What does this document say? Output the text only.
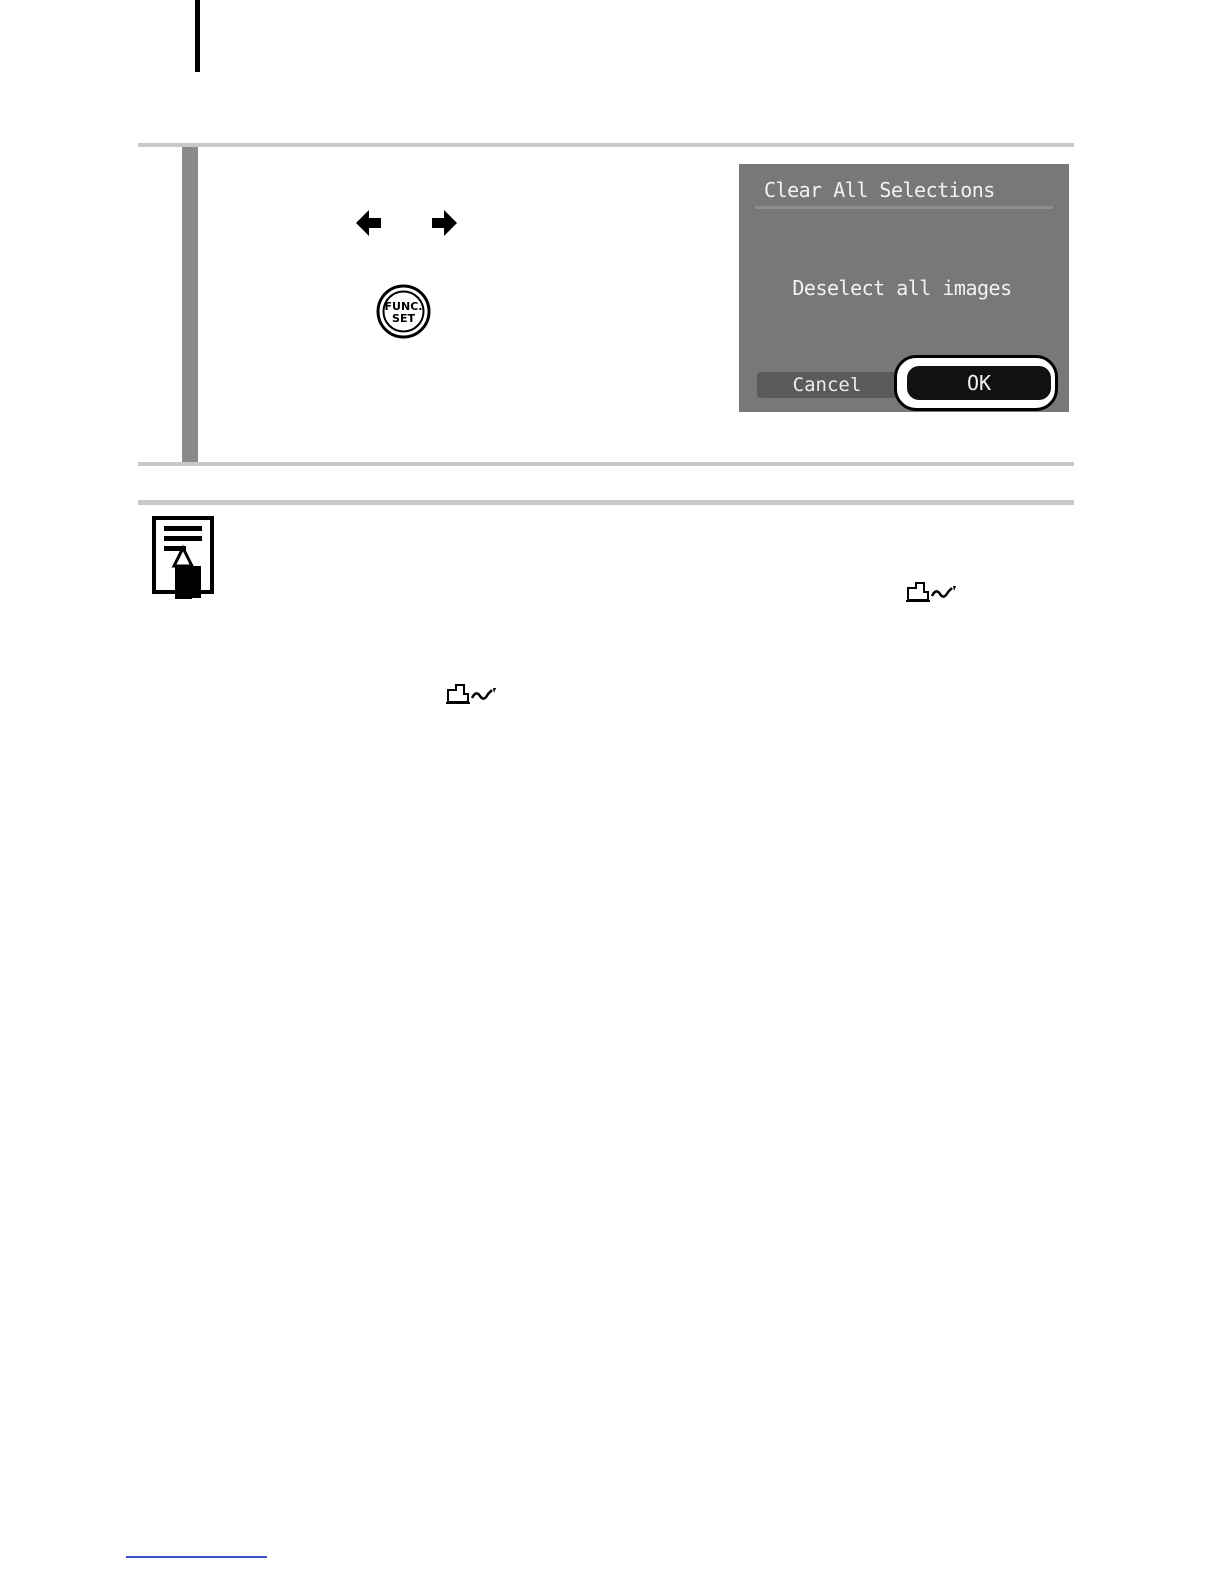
FUNC.
SET
Clear All Selections
Deselect all images
Cancel	OK
